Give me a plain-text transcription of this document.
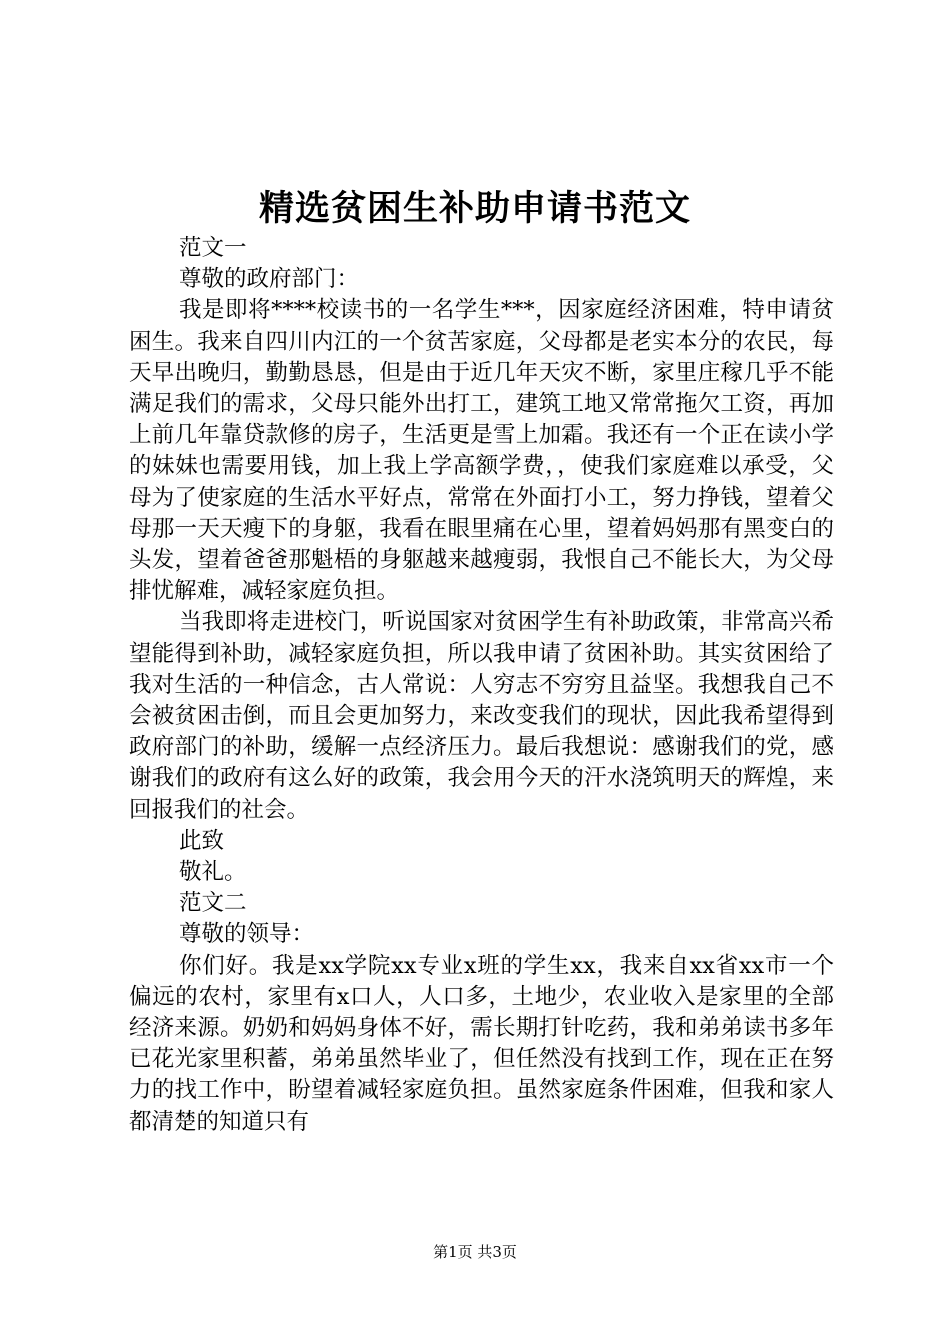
精选贫困生补助申请书范文

范文一

尊敬的政府部门：

我是即将****校读书的一名学生***，因家庭经济困难，特申请贫困生。我来自四川内江的一个贫苦家庭，父母都是老实本分的农民，每天早出晚归，勤勤恳恳，但是由于近几年天灾不断，家里庄稼几乎不能满足我们的需求，父母只能外出打工，建筑工地又常常拖欠工资，再加上前几年靠贷款修的房子，生活更是雪上加霜。我还有一个正在读小学的妹妹也需要用钱，加上我上学高额学费，，使我们家庭难以承受，父母为了使家庭的生活水平好点，常常在外面打小工，努力挣钱，望着父母那一天天瘦下的身躯，我看在眼里痛在心里，望着妈妈那有黑变白的头发，望着爸爸那魁梧的身躯越来越瘦弱，我恨自己不能长大，为父母排忧解难，减轻家庭负担。

当我即将走进校门，听说国家对贫困学生有补助政策，非常高兴希望能得到补助，减轻家庭负担，所以我申请了贫困补助。其实贫困给了我对生活的一种信念，古人常说：人穷志不穷穷且益坚。我想我自己不会被贫困击倒，而且会更加努力，来改变我们的现状，因此我希望得到政府部门的补助，缓解一点经济压力。最后我想说：感谢我们的党，感谢我们的政府有这么好的政策，我会用今天的汗水浇筑明天的辉煌，来回报我们的社会。

此致

敬礼。

范文二

尊敬的领导：

你们好。我是xx学院xx专业x班的学生xx，我来自xx省xx市一个偏远的农村，家里有x口人，人口多，土地少，农业收入是家里的全部经济来源。奶奶和妈妈身体不好，需长期打针吃药，我和弟弟读书多年已花光家里积蓄，弟弟虽然毕业了，但任然没有找到工作，现在正在努力的找工作中，盼望着减轻家庭负担。虽然家庭条件困难，但我和家人都清楚的知道只有

第1页 共3页
